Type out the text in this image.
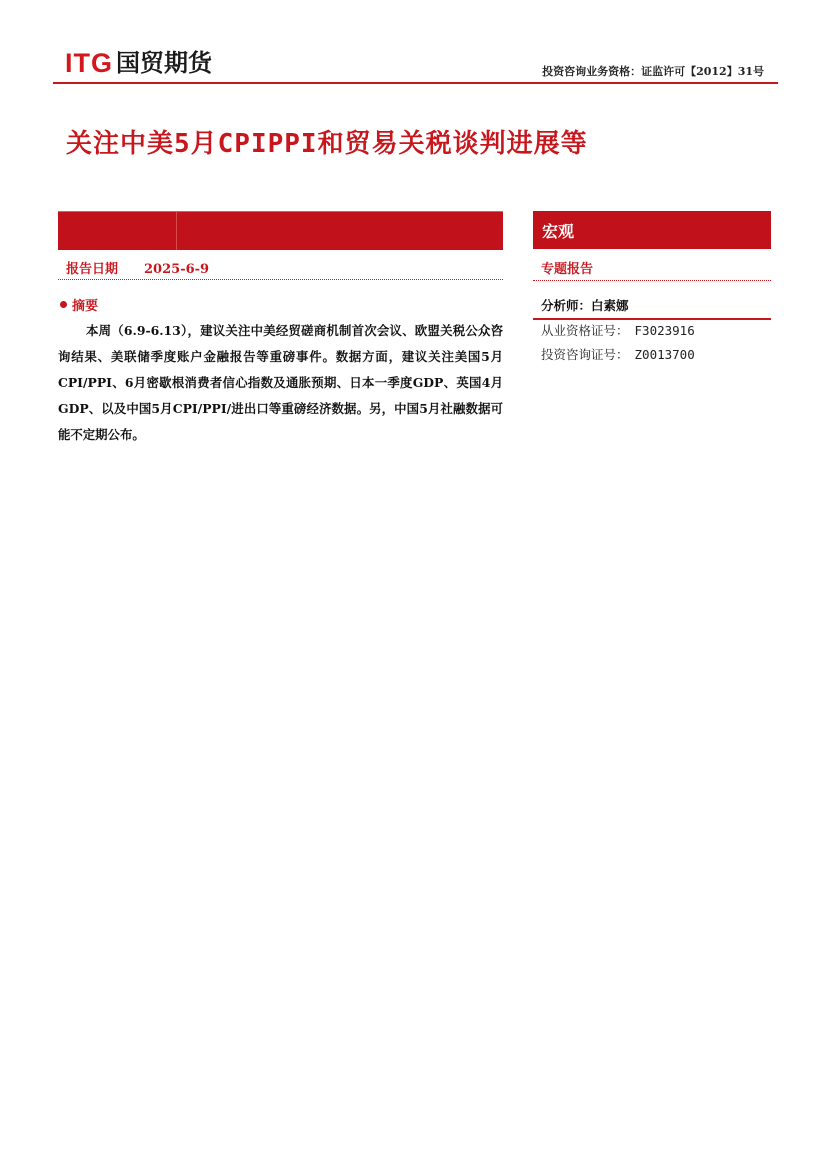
ITG 国贸期货	投资咨询业务资格：证监许可【2012】31号
关注中美5月CPIPPI和贸易关税谈判进展等
报告日期 2025-6-9
摘要
本周（6.9-6.13），建议关注中美经贸磋商机制首次会议、欧盟关税公众咨询结果、美联储季度账户金融报告等重磅事件。数据方面，建议关注美国5月CPI/PPI、6月密歇根消费者信心指数及通胀预期、日本一季度GDP、英国4月GDP、以及中国5月CPI/PPI/进出口等重磅经济数据。另，中国5月社融数据可能不定期公布。
宏观
专题报告
分析师：白素娜
从业资格证号： F3023916
投资咨询证号： Z0013700
